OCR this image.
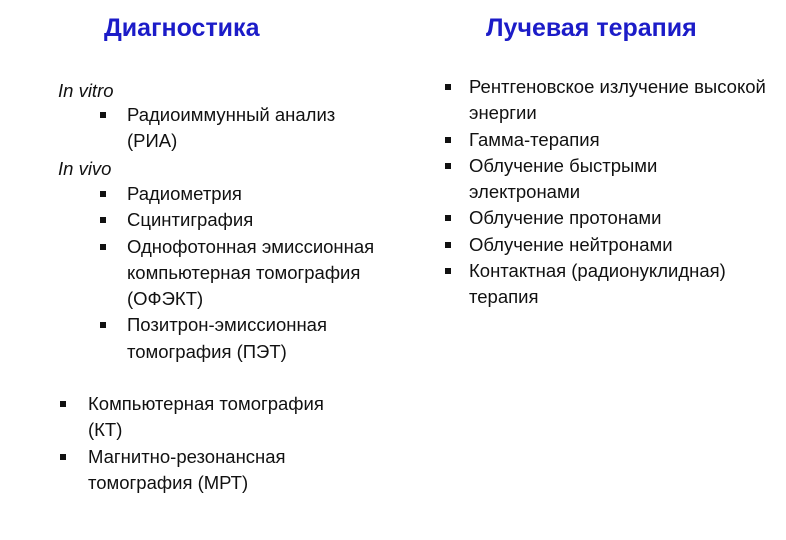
Диагностика	Лучевая терапия

In vitro

Радиоиммунный анализ (РИА)

In vivo

Радиометрия
Сцинтиграфия
Однофотонная эмиссионная компьютерная томография (ОФЭКТ)
Позитрон-эмиссионная томография (ПЭТ)
Компьютерная томография (КТ)
Магнитно-резонансная томография (МРТ)
Рентгеновское излучение высокой энергии
Гамма-терапия
Облучение быстрыми электронами
Облучение протонами
Облучение нейтронами
Контактная (радионуклидная) терапия
